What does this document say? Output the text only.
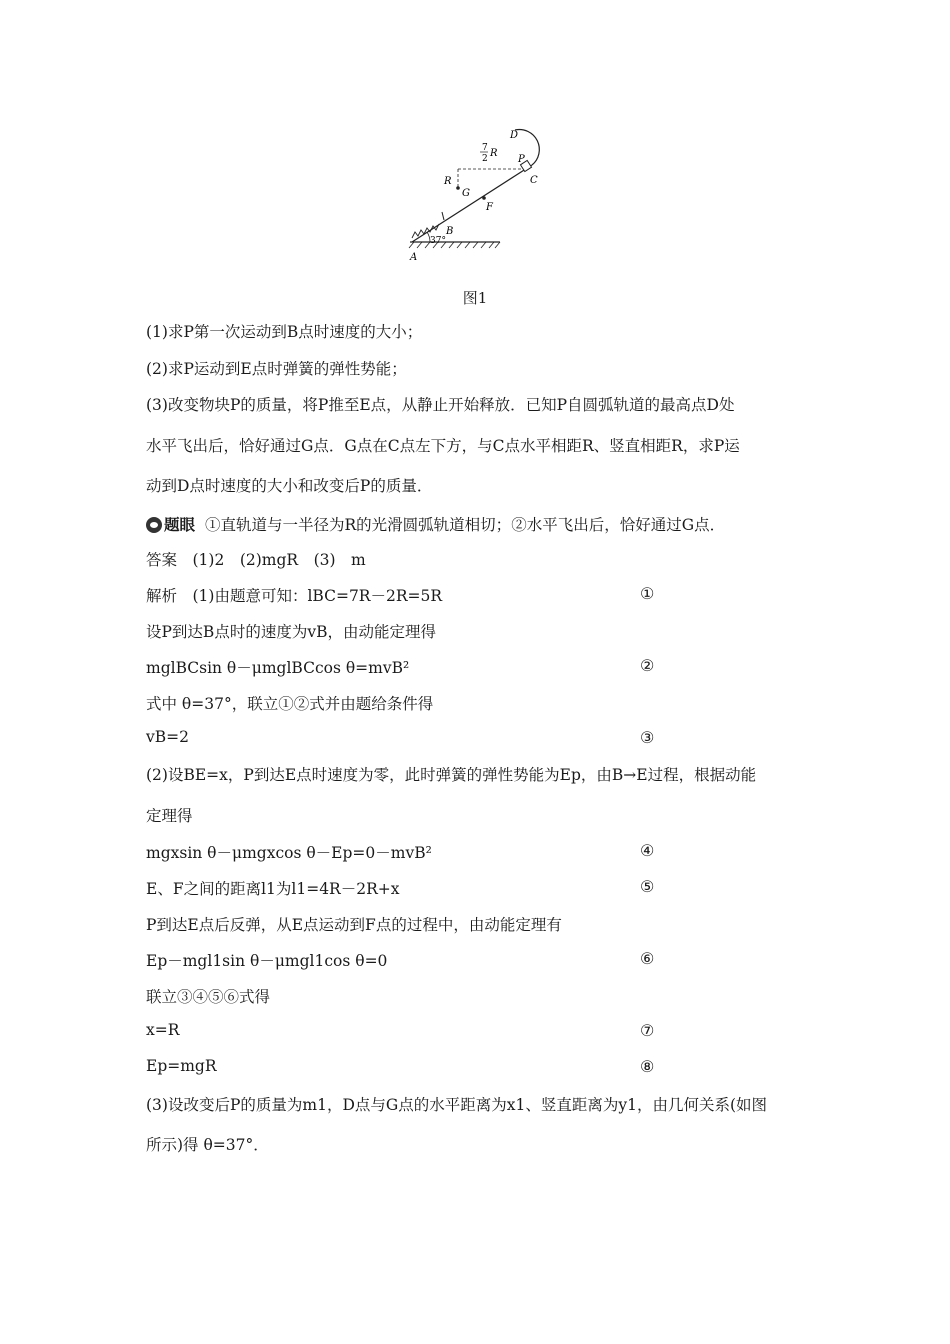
D
P
C
R
G
F
B
A
37°
7
2 R
图1
(1)求P第一次运动到B点时速度的大小；
(2)求P运动到E点时弹簧的弹性势能；
(3)改变物块P的质量，将P推至E点，从静止开始释放．已知P自圆弧轨道的最高点D处
水平飞出后，恰好通过G点．G点在C点左下方，与C点水平相距R、竖直相距R，求P运
动到D点时速度的大小和改变后P的质量．
题眼 ①直轨道与一半径为R的光滑圆弧轨道相切；②水平飞出后，恰好通过G点．
答案　(1)2　(2)mgR　(3)　m
解析　(1)由题意可知：lBC=7R－2R=5R	①
设P到达B点时的速度为vB，由动能定理得
mglBCsin θ－μmglBCcos θ=mvB²	②
式中 θ=37°，联立①②式并由题给条件得
vB=2	③
(2)设BE=x，P到达E点时速度为零，此时弹簧的弹性势能为Ep，由B→E过程，根据动能
定理得
mgxsin θ－μmgxcos θ－Ep=0－mvB²	④
E、F之间的距离l1为l1=4R－2R+x	⑤
P到达E点后反弹，从E点运动到F点的过程中，由动能定理有
Ep－mgl1sin θ－μmgl1cos θ=0	⑥
联立③④⑤⑥式得
x=R	⑦
Ep=mgR	⑧
(3)设改变后P的质量为m1，D点与G点的水平距离为x1、竖直距离为y1，由几何关系(如图
所示)得 θ=37°．
